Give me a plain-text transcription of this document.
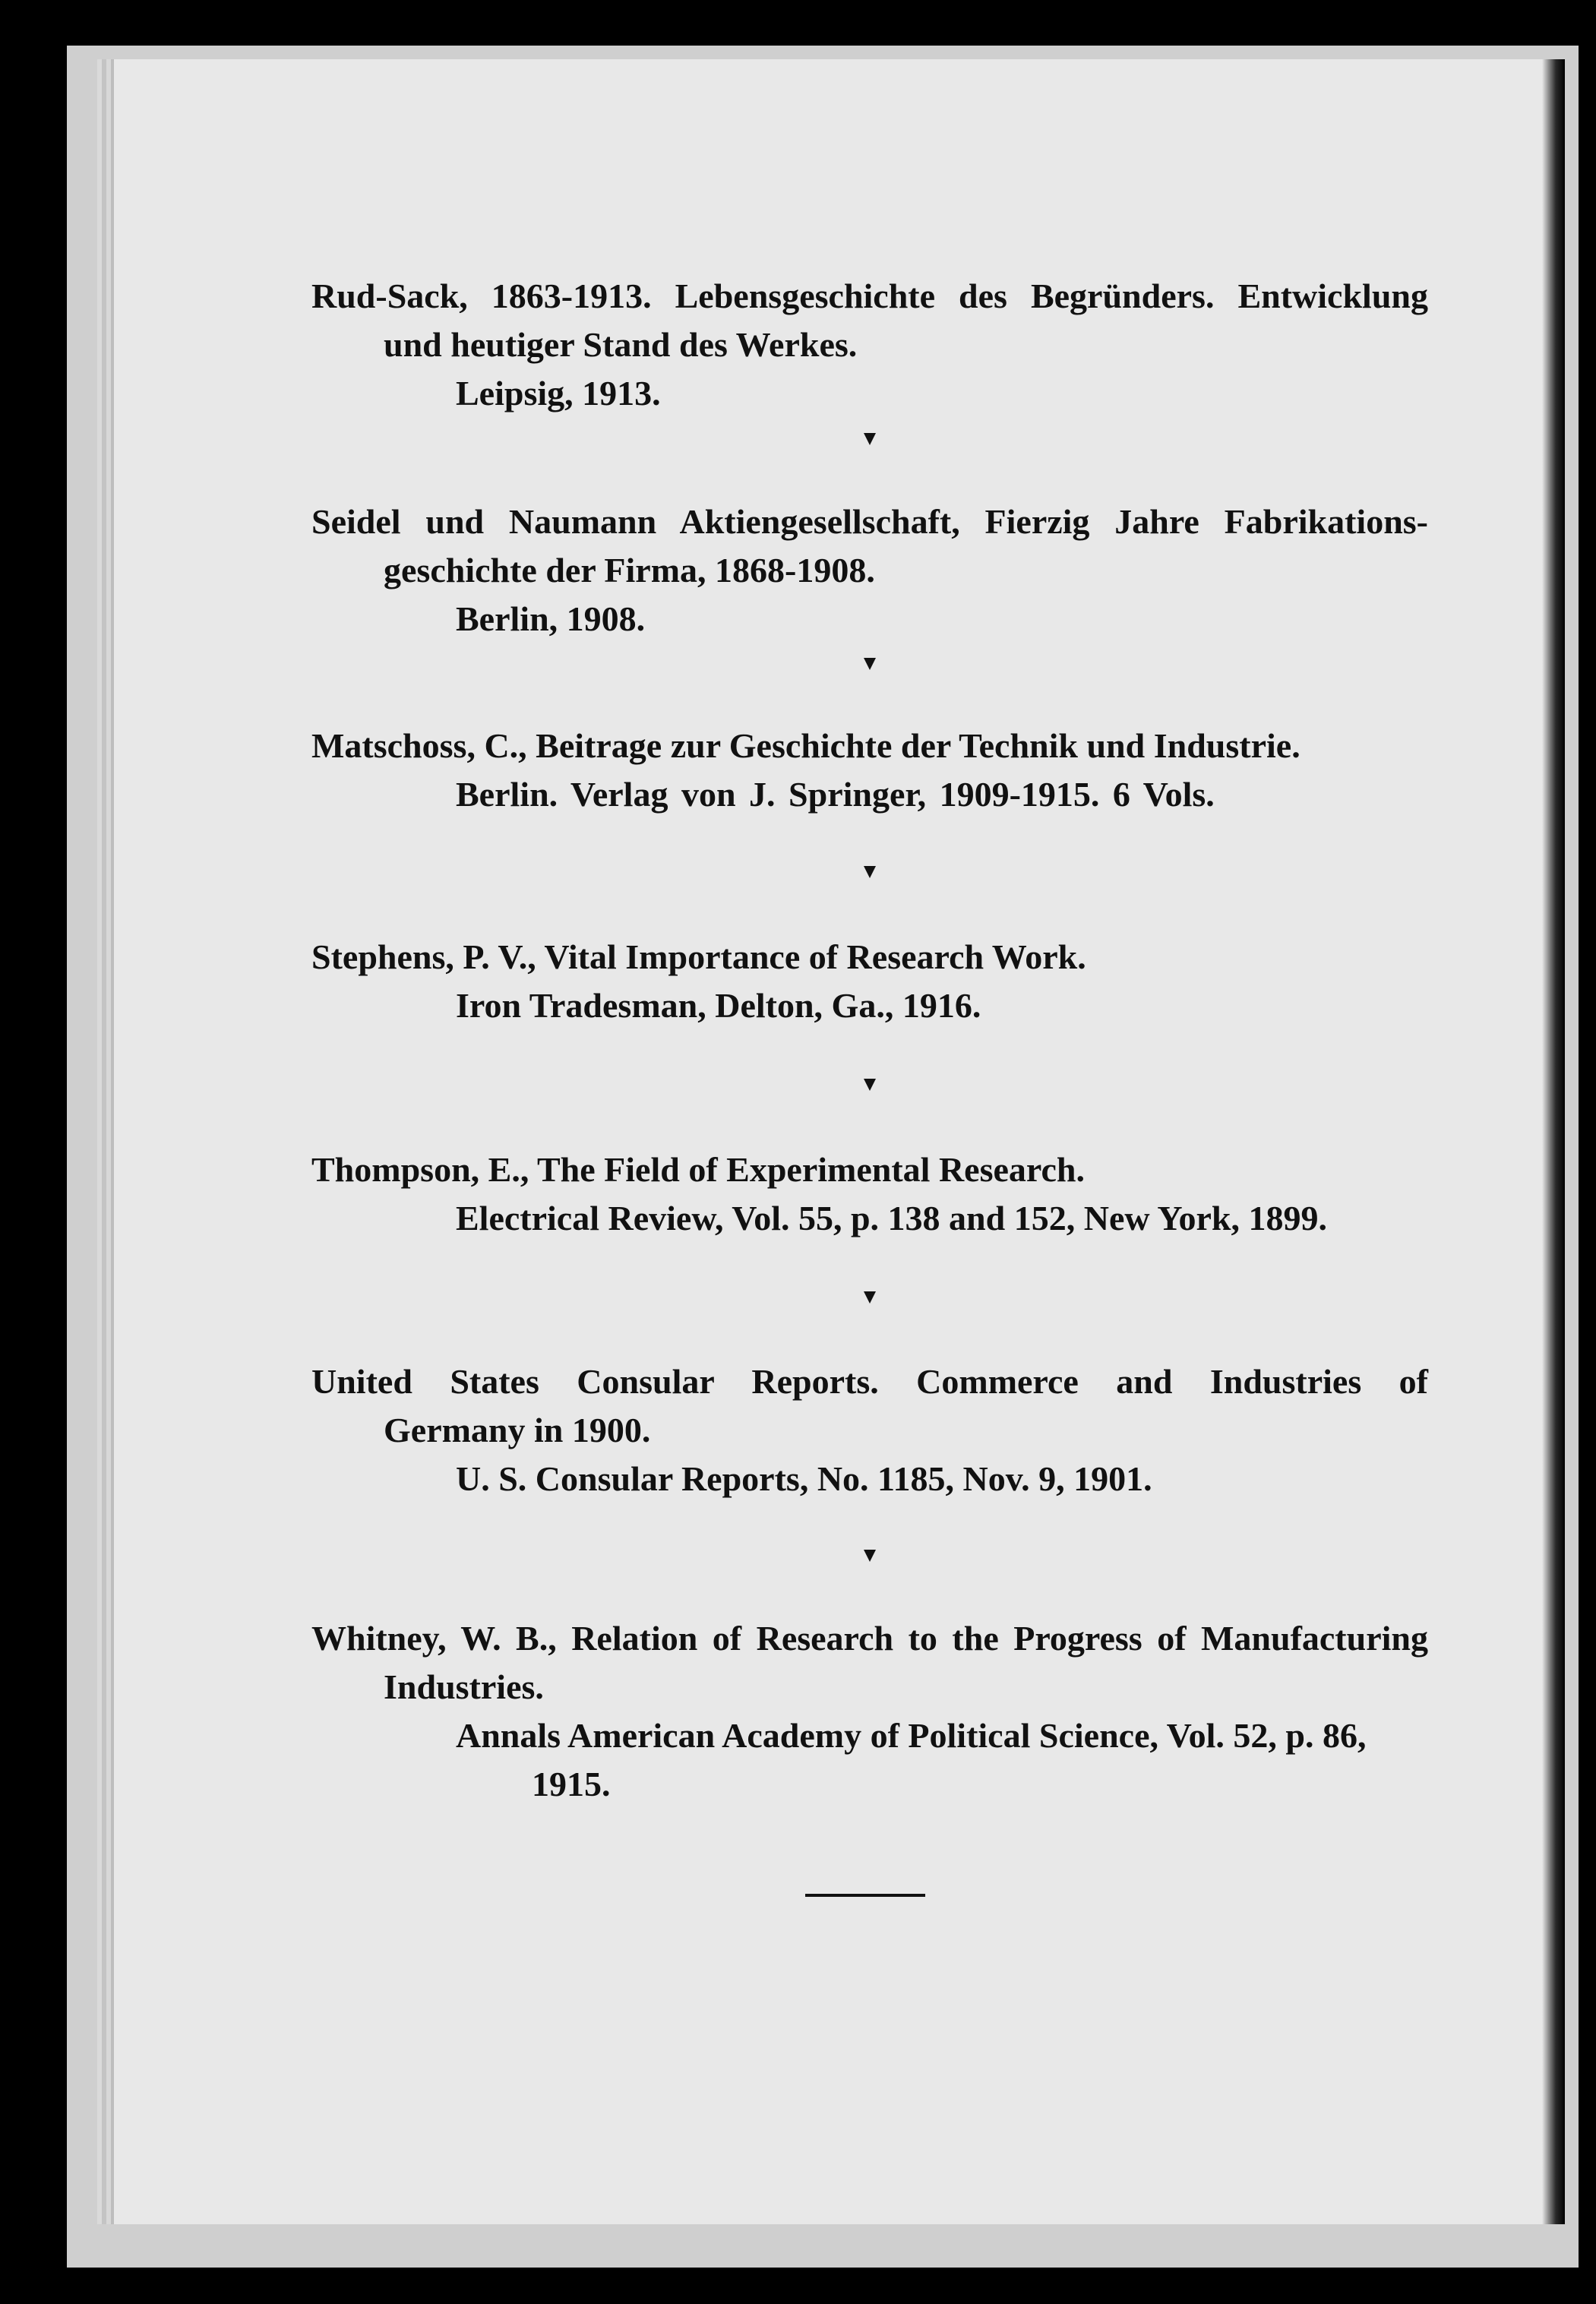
Rud-Sack, 1863-1913. Lebensgeschichte des Begründers. Entwicklung
und heutiger Stand des Werkes.
Leipsig, 1913.
Seidel und Naumann Aktiengesellschaft, Fierzig Jahre Fabrikations-
geschichte der Firma, 1868-1908.
Berlin, 1908.
Matschoss, C., Beitrage zur Geschichte der Technik und Industrie.
Berlin. Verlag von J. Springer, 1909-1915. 6 Vols.
Stephens, P. V., Vital Importance of Research Work.
Iron Tradesman, Delton, Ga., 1916.
Thompson, E., The Field of Experimental Research.
Electrical Review, Vol. 55, p. 138 and 152, New York, 1899.
United States Consular Reports. Commerce and Industries of
Germany in 1900.
U. S. Consular Reports, No. 1185, Nov. 9, 1901.
Whitney, W. B., Relation of Research to the Progress of Manufacturing
Industries.
Annals American Academy of Political Science, Vol. 52, p. 86,
1915.
